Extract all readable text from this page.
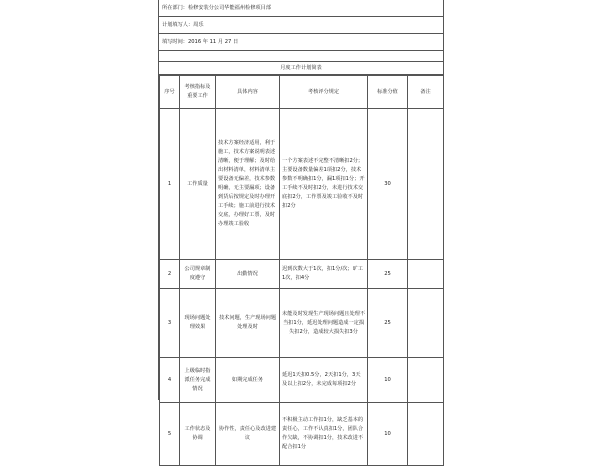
所在部门：检修安装分公司华能福州检修项目部
计划填写人：周乐
填写时间：2016 年 11 月 27 日
月度工作计划简表
序号	考核指标及重要工作	具体内容	考核评分规定	标准分值	备注
1	工作质量	技术方案经济适用，利于施工，技术方案说明表述清晰，便于理解；及时给出材料清单，材料清单主要设备无偏差，技术参数明确，无主要漏项；设备到货后按规定及时办理开工手续；施工前进行技术交底，办理好工票，及时办理竣工验收	一个方案表述不完整不清晰扣2分；主要设备数量偏差1项扣2分，技术参数不明确扣1分，漏1项扣1分；开工手续不及时扣2分，未进行技术交底扣2分，工作票及竣工验收不及时扣2分	30	
2	公司规章制度遵守	出勤情况	迟到次数大于1次，扣1分/次；旷工1次，扣4分	25	
3	现场问题处理效果	技术问题，生产现场问题处理及时	未能及时发现生产现场问题且处理不当扣1分，延迟处理问题造成一定损失扣2分，造成较大损失扣3分	25	
4	上级临时指派任务完成情况	如期完成任务	延迟1天扣0.5分，2天扣1分，3天及以上扣2分，未完成每项扣2分	10	
5	工作状态及协调	协作性，责任心及改进建议	不积极主动工作扣1分，缺乏基本的责任心，工作不认真扣1分，团队合作欠缺，不协调扣1分，技术改进不配合扣1分	10	
